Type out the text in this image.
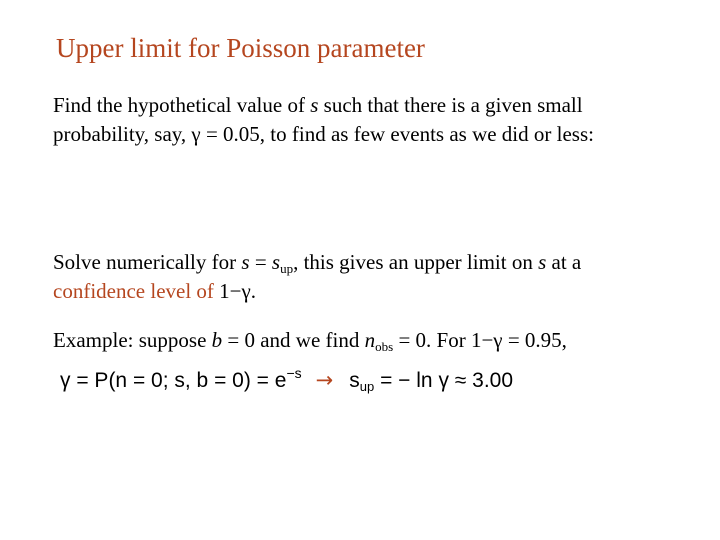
Upper limit for Poisson parameter
Find the hypothetical value of s such that there is a given small
probability, say, γ = 0.05, to find as few events as we did or less:
Solve numerically for $s = s_{up}$, this gives an upper limit on s at a
confidence level of 1−γ.
Example: suppose b = 0 and we find $n_{obs} = 0$. For 1−γ = 0.95,
γ = P(n = 0; s, $b = 0) = e^{-s} \to s_{up}$ = − ln γ ≈ 3.00
